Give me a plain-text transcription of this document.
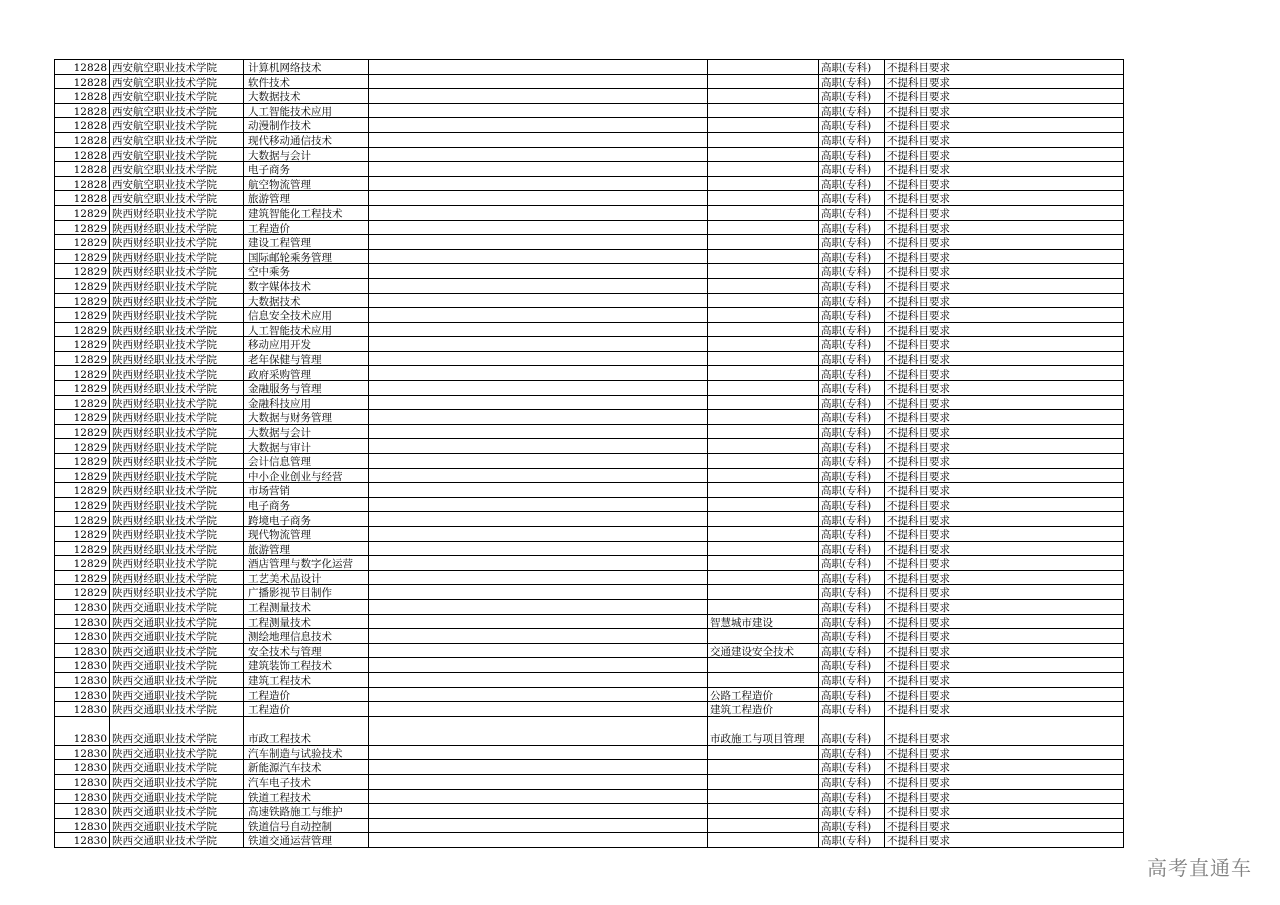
12828	西安航空职业技术学院	计算机网络技术			高职(专科)	不提科目要求
12828	西安航空职业技术学院	软件技术			高职(专科)	不提科目要求
12828	西安航空职业技术学院	大数据技术			高职(专科)	不提科目要求
12828	西安航空职业技术学院	人工智能技术应用			高职(专科)	不提科目要求
12828	西安航空职业技术学院	动漫制作技术			高职(专科)	不提科目要求
12828	西安航空职业技术学院	现代移动通信技术			高职(专科)	不提科目要求
12828	西安航空职业技术学院	大数据与会计			高职(专科)	不提科目要求
12828	西安航空职业技术学院	电子商务			高职(专科)	不提科目要求
12828	西安航空职业技术学院	航空物流管理			高职(专科)	不提科目要求
12828	西安航空职业技术学院	旅游管理			高职(专科)	不提科目要求
12829	陕西财经职业技术学院	建筑智能化工程技术			高职(专科)	不提科目要求
12829	陕西财经职业技术学院	工程造价			高职(专科)	不提科目要求
12829	陕西财经职业技术学院	建设工程管理			高职(专科)	不提科目要求
12829	陕西财经职业技术学院	国际邮轮乘务管理			高职(专科)	不提科目要求
12829	陕西财经职业技术学院	空中乘务			高职(专科)	不提科目要求
12829	陕西财经职业技术学院	数字媒体技术			高职(专科)	不提科目要求
12829	陕西财经职业技术学院	大数据技术			高职(专科)	不提科目要求
12829	陕西财经职业技术学院	信息安全技术应用			高职(专科)	不提科目要求
12829	陕西财经职业技术学院	人工智能技术应用			高职(专科)	不提科目要求
12829	陕西财经职业技术学院	移动应用开发			高职(专科)	不提科目要求
12829	陕西财经职业技术学院	老年保健与管理			高职(专科)	不提科目要求
12829	陕西财经职业技术学院	政府采购管理			高职(专科)	不提科目要求
12829	陕西财经职业技术学院	金融服务与管理			高职(专科)	不提科目要求
12829	陕西财经职业技术学院	金融科技应用			高职(专科)	不提科目要求
12829	陕西财经职业技术学院	大数据与财务管理			高职(专科)	不提科目要求
12829	陕西财经职业技术学院	大数据与会计			高职(专科)	不提科目要求
12829	陕西财经职业技术学院	大数据与审计			高职(专科)	不提科目要求
12829	陕西财经职业技术学院	会计信息管理			高职(专科)	不提科目要求
12829	陕西财经职业技术学院	中小企业创业与经营			高职(专科)	不提科目要求
12829	陕西财经职业技术学院	市场营销			高职(专科)	不提科目要求
12829	陕西财经职业技术学院	电子商务			高职(专科)	不提科目要求
12829	陕西财经职业技术学院	跨境电子商务			高职(专科)	不提科目要求
12829	陕西财经职业技术学院	现代物流管理			高职(专科)	不提科目要求
12829	陕西财经职业技术学院	旅游管理			高职(专科)	不提科目要求
12829	陕西财经职业技术学院	酒店管理与数字化运营			高职(专科)	不提科目要求
12829	陕西财经职业技术学院	工艺美术品设计			高职(专科)	不提科目要求
12829	陕西财经职业技术学院	广播影视节目制作			高职(专科)	不提科目要求
12830	陕西交通职业技术学院	工程测量技术			高职(专科)	不提科目要求
12830	陕西交通职业技术学院	工程测量技术		智慧城市建设	高职(专科)	不提科目要求
12830	陕西交通职业技术学院	测绘地理信息技术			高职(专科)	不提科目要求
12830	陕西交通职业技术学院	安全技术与管理		交通建设安全技术	高职(专科)	不提科目要求
12830	陕西交通职业技术学院	建筑装饰工程技术			高职(专科)	不提科目要求
12830	陕西交通职业技术学院	建筑工程技术			高职(专科)	不提科目要求
12830	陕西交通职业技术学院	工程造价		公路工程造价	高职(专科)	不提科目要求
12830	陕西交通职业技术学院	工程造价		建筑工程造价	高职(专科)	不提科目要求
12830	陕西交通职业技术学院	市政工程技术		市政施工与项目管理	高职(专科)	不提科目要求
12830	陕西交通职业技术学院	汽车制造与试验技术			高职(专科)	不提科目要求
12830	陕西交通职业技术学院	新能源汽车技术			高职(专科)	不提科目要求
12830	陕西交通职业技术学院	汽车电子技术			高职(专科)	不提科目要求
12830	陕西交通职业技术学院	铁道工程技术			高职(专科)	不提科目要求
12830	陕西交通职业技术学院	高速铁路施工与维护			高职(专科)	不提科目要求
12830	陕西交通职业技术学院	铁道信号自动控制			高职(专科)	不提科目要求
12830	陕西交通职业技术学院	铁道交通运营管理			高职(专科)	不提科目要求
高考直通车
